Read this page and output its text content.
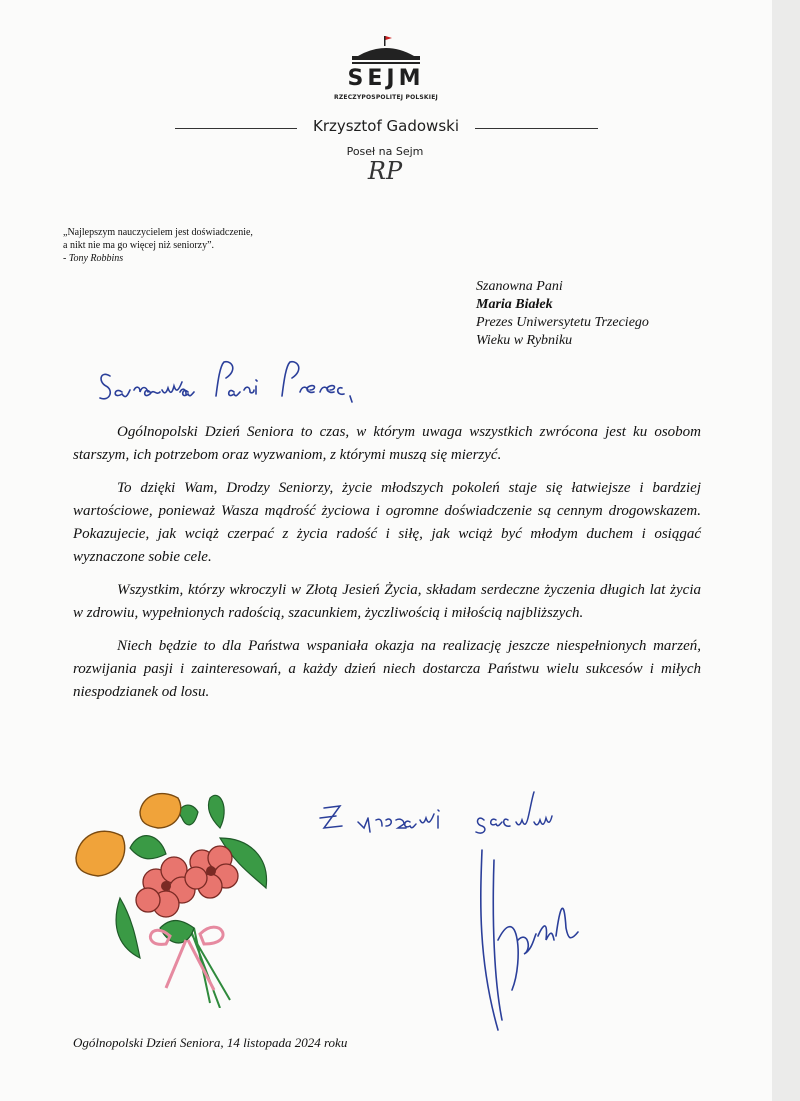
SEJM
RZECZYPOSPOLITEJ POLSKIEJ
Krzysztof Gadowski
Poseł na Sejm
RP
„Najlepszym nauczycielem jest doświadczenie,
a nikt nie ma go więcej niż seniorzy”.
- Tony Robbins
Szanowna Pani
Maria Białek
Prezes Uniwersytetu Trzeciego
Wieku w Rybniku

Ogólnopolski Dzień Seniora to czas, w którym uwaga wszystkich zwrócona jest ku osobom starszym, ich potrzebom oraz wyzwaniom, z którymi muszą się mierzyć.

To dzięki Wam, Drodzy Seniorzy, życie młodszych pokoleń staje się łatwiejsze i bardziej wartościowe, ponieważ Wasza mądrość życiowa i ogromne doświadczenie są cennym drogowskazem. Pokazujecie, jak wciąż czerpać z życia radość i siłę, jak wciąż być młodym duchem i osiągać wyznaczone sobie cele.

Wszystkim, którzy wkroczyli w Złotą Jesień Życia, składam serdeczne życzenia długich lat życia w zdrowiu, wypełnionych radością, szacunkiem, życzliwością i miłością najbliższych.

Niech będzie to dla Państwa wspaniała okazja na realizację jeszcze niespełnionych marzeń, rozwijania pasji i zainteresowań, a każdy dzień niech dostarcza Państwu wielu sukcesów i miłych niespodzianek od losu.

Ogólnopolski Dzień Seniora, 14 listopada 2024 roku
